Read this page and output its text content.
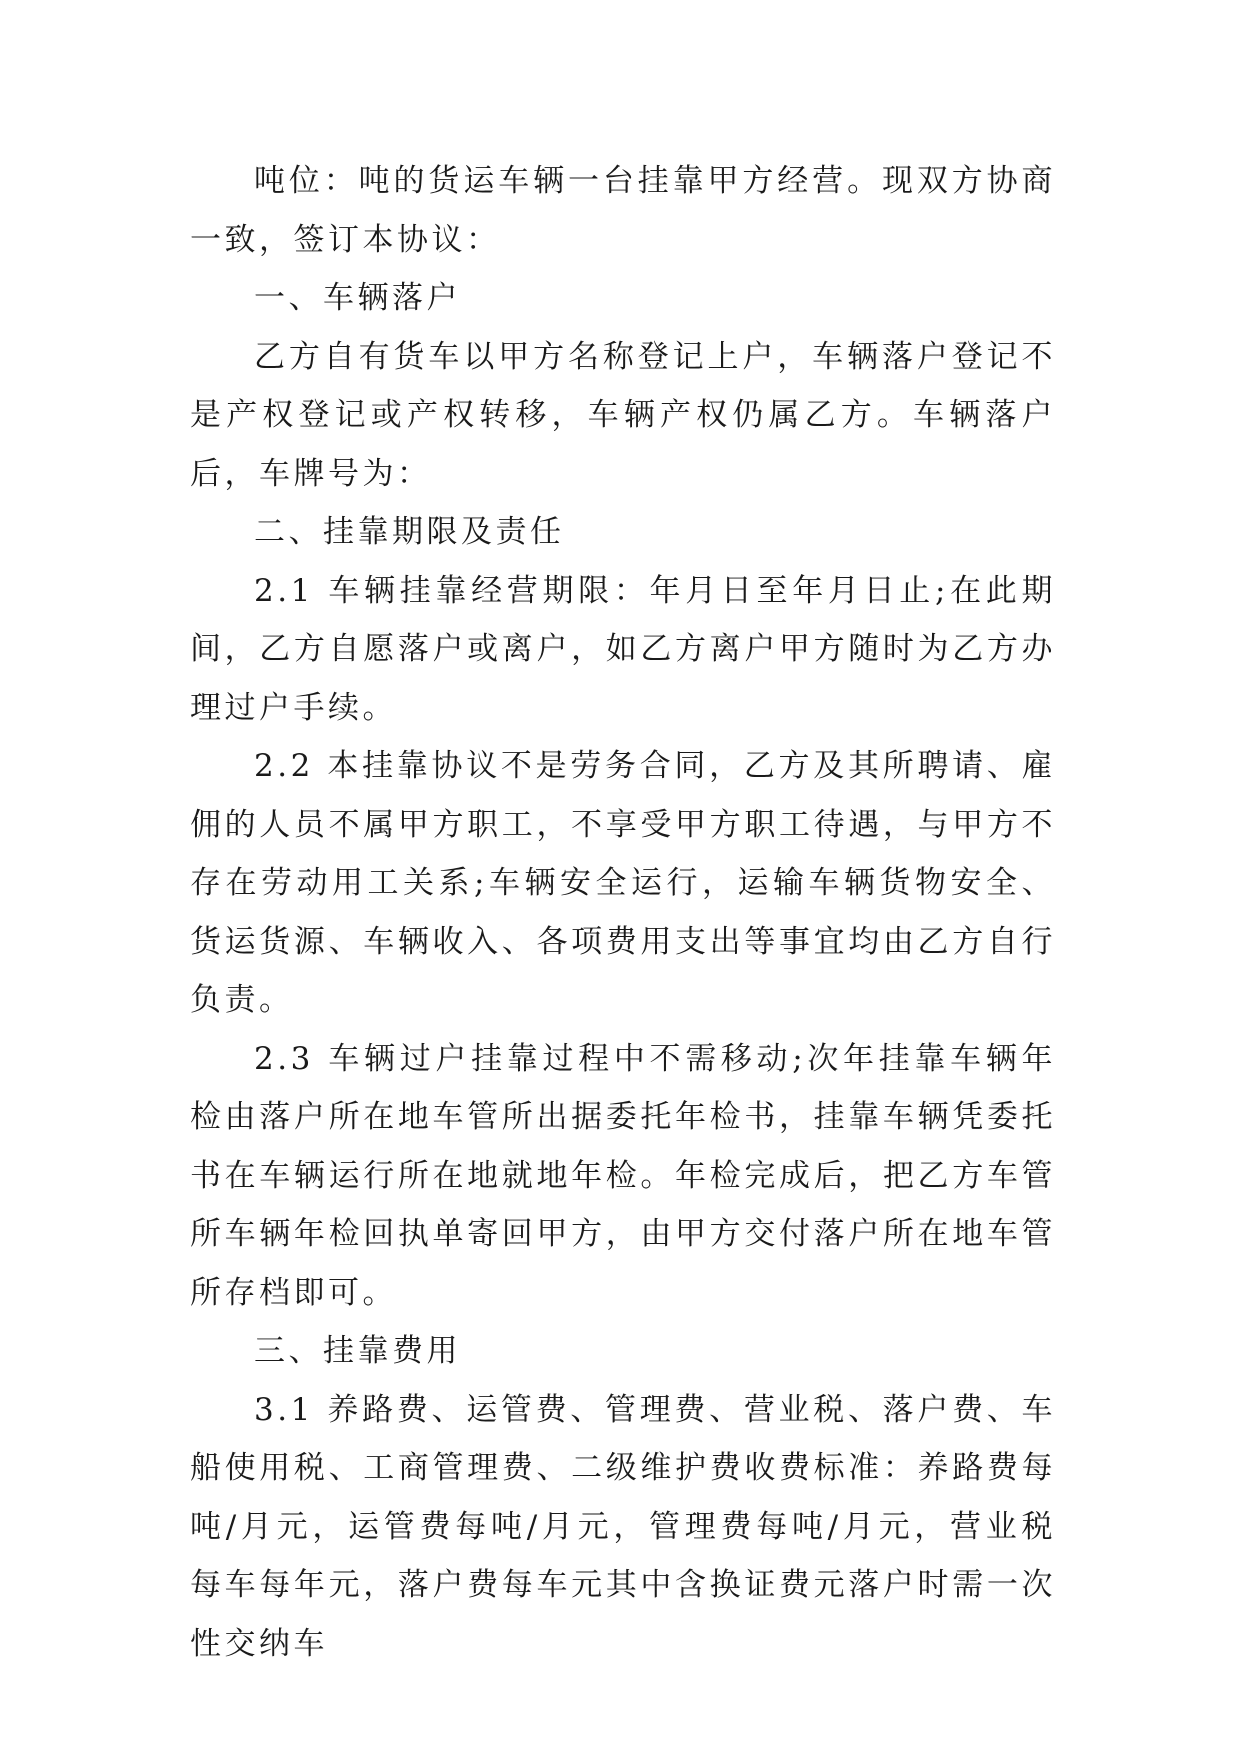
吨位：吨的货运车辆一台挂靠甲方经营。现双方协商一致，签订本协议：

一、车辆落户

乙方自有货车以甲方名称登记上户，车辆落户登记不是产权登记或产权转移，车辆产权仍属乙方。车辆落户后，车牌号为：

二、挂靠期限及责任

2.1 车辆挂靠经营期限：年月日至年月日止;在此期间，乙方自愿落户或离户，如乙方离户甲方随时为乙方办理过户手续。

2.2 本挂靠协议不是劳务合同，乙方及其所聘请、雇佣的人员不属甲方职工，不享受甲方职工待遇，与甲方不存在劳动用工关系;车辆安全运行，运输车辆货物安全、货运货源、车辆收入、各项费用支出等事宜均由乙方自行负责。

2.3 车辆过户挂靠过程中不需移动;次年挂靠车辆年检由落户所在地车管所出据委托年检书，挂靠车辆凭委托书在车辆运行所在地就地年检。年检完成后，把乙方车管所车辆年检回执单寄回甲方，由甲方交付落户所在地车管所存档即可。

三、挂靠费用

3.1 养路费、运管费、管理费、营业税、落户费、车船使用税、工商管理费、二级维护费收费标准：养路费每吨/月元，运管费每吨/月元，管理费每吨/月元，营业税每车每年元，落户费每车元其中含换证费元落户时需一次性交纳车
